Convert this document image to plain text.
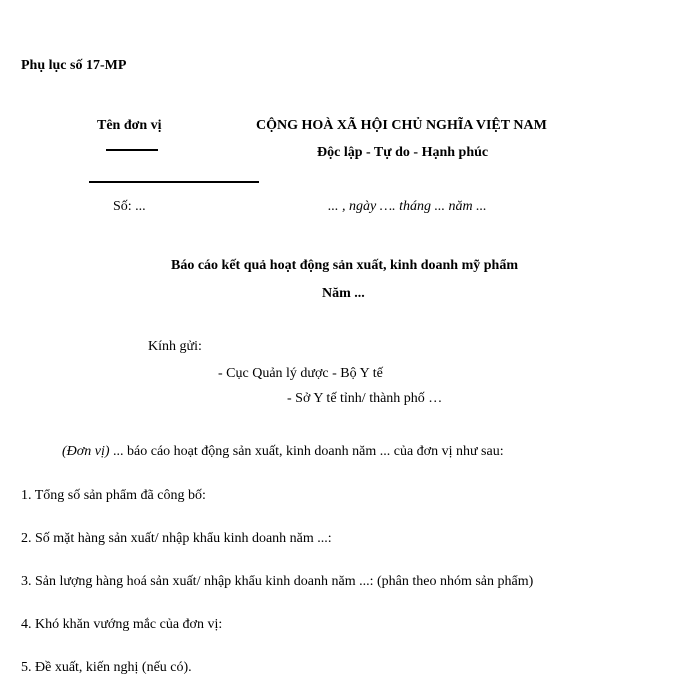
Phụ lục số 17-MP
Tên đơn vị	CỘNG HOÀ XÃ HỘI CHỦ NGHĨA VIỆT NAM
Độc lập - Tự do - Hạnh phúc
Số: ...	... , ngày …. tháng ... năm ...
Báo cáo kết quả hoạt động sản xuất, kinh doanh mỹ phẩm
Năm ...
Kính gửi:
- Cục Quản lý dược - Bộ Y tế
- Sở Y tế tỉnh/ thành phố …
(Đơn vị) ... báo cáo hoạt động sản xuất, kinh doanh năm ... của đơn vị như sau:
1. Tổng số sản phẩm đã công bố:
2. Số mặt hàng sản xuất/ nhập khẩu kinh doanh năm ...:
3. Sản lượng hàng hoá sản xuất/ nhập khẩu kinh doanh năm ...: (phân theo nhóm sản phẩm)
4. Khó khăn vướng mắc của đơn vị:
5. Đề xuất, kiến nghị (nếu có).
